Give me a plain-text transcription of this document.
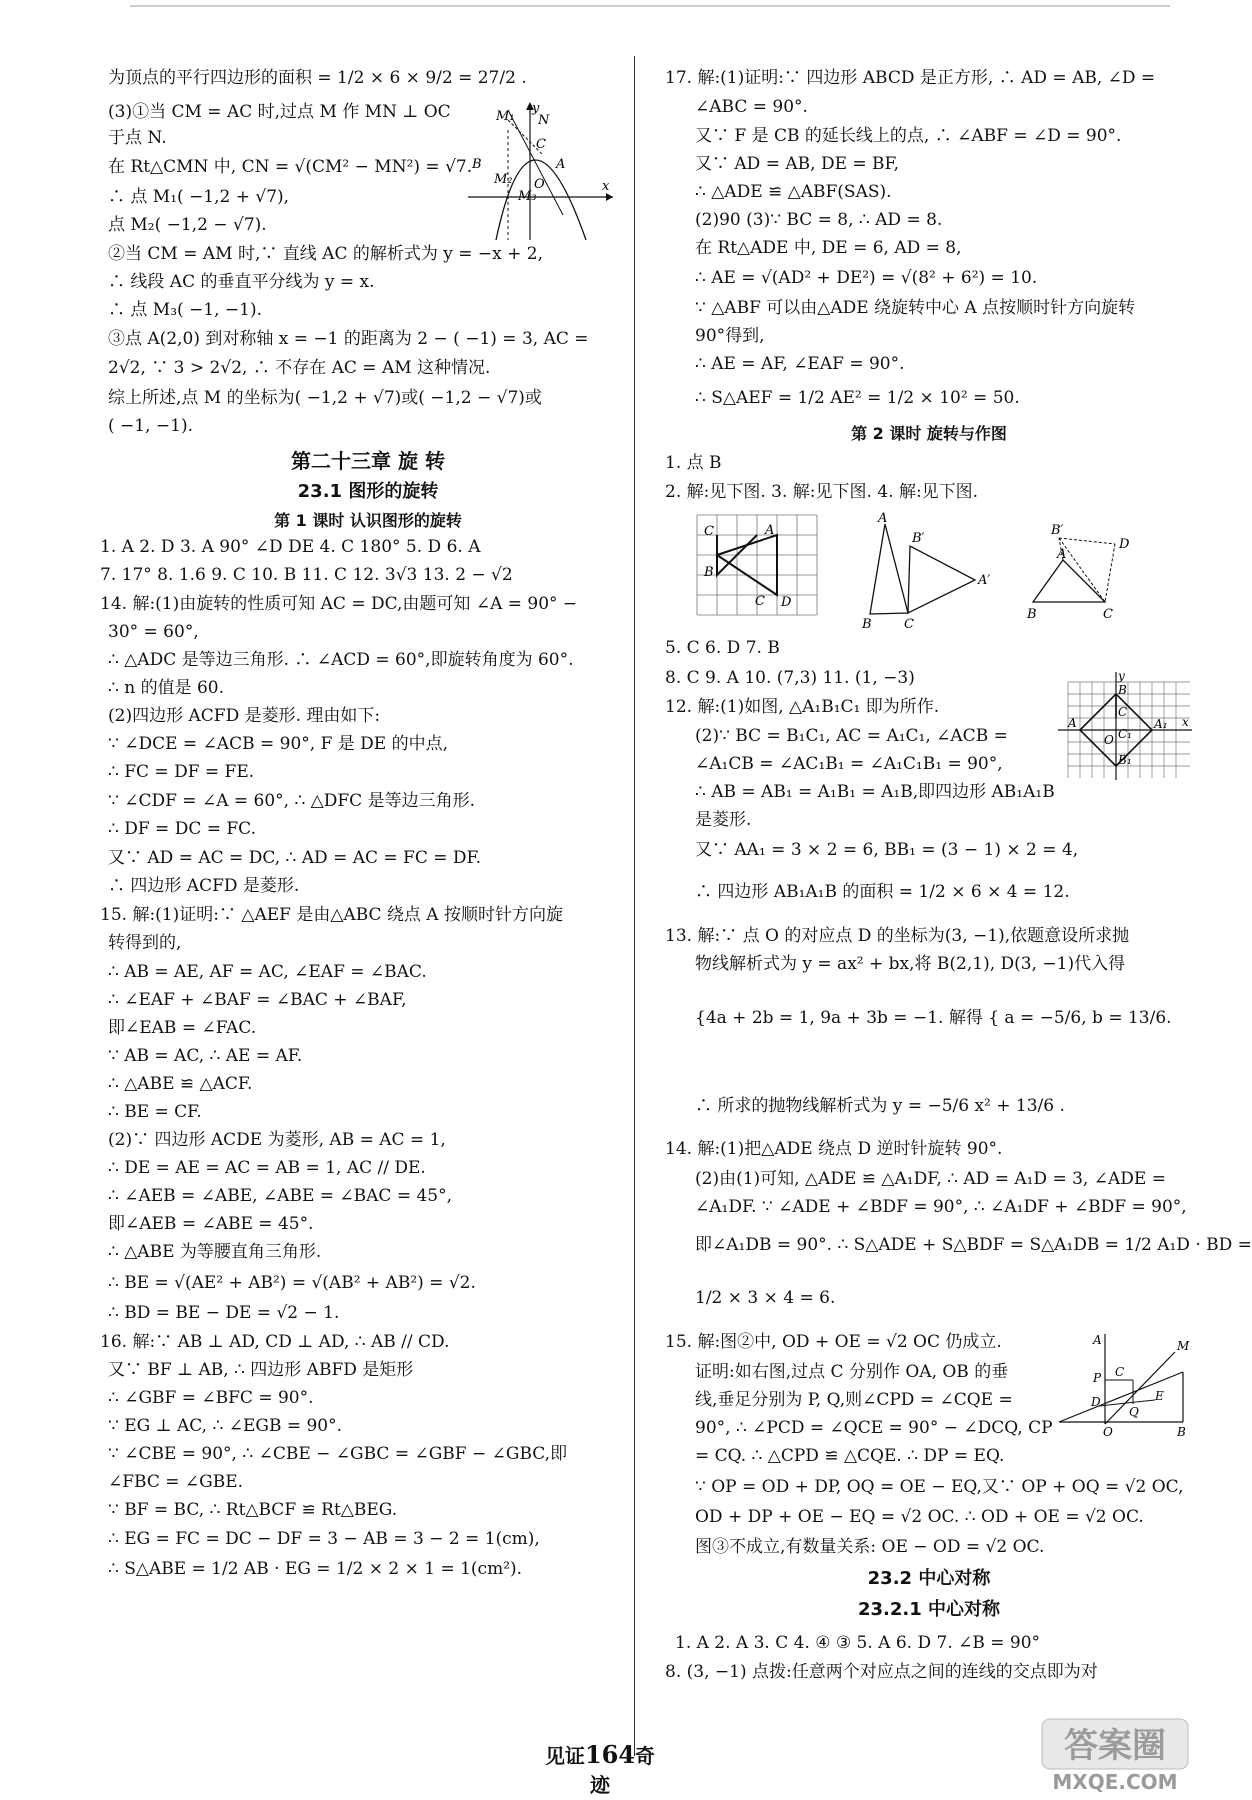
为顶点的平行四边形的面积 = 1/2 × 6 × 9/2 = 27/2 .
(3)①当 CM = AC 时,过点 M 作 MN ⊥ OC
于点 N.
在 Rt△CMN 中, CN = √(CM² − MN²) = √7.
∴ 点 M₁( −1,2 + √7),
点 M₂( −1,2 − √7).
②当 CM = AM 时,∵ 直线 AC 的解析式为 y = −x + 2,
∴ 线段 AC 的垂直平分线为 y = x.
∴ 点 M₃( −1, −1).
③点 A(2,0) 到对称轴 x = −1 的距离为 2 − ( −1) = 3, AC =
2√2, ∵ 3 > 2√2, ∴ 不存在 AC = AM 这种情况.
综上所述,点 M 的坐标为( −1,2 + √7)或( −1,2 − √7)或
( −1, −1).
M₁
y
N
C
A
B
M₂ O
M₃
x
第二十三章 旋 转
23.1 图形的旋转
第 1 课时 认识图形的旋转
1. A 2. D 3. A 90° ∠D DE 4. C 180° 5. D 6. A
7. 17° 8. 1.6 9. C 10. B 11. C 12. 3√3 13. 2 − √2
14. 解:(1)由旋转的性质可知 AC = DC,由题可知 ∠A = 90° −
30° = 60°,
∴ △ADC 是等边三角形. ∴ ∠ACD = 60°,即旋转角度为 60°.
∴ n 的值是 60.
(2)四边形 ACFD 是菱形. 理由如下:
∵ ∠DCE = ∠ACB = 90°, F 是 DE 的中点,
∴ FC = DF = FE.
∵ ∠CDF = ∠A = 60°, ∴ △DFC 是等边三角形.
∴ DF = DC = FC.
又∵ AD = AC = DC, ∴ AD = AC = FC = DF.
∴ 四边形 ACFD 是菱形.
15. 解:(1)证明:∵ △AEF 是由△ABC 绕点 A 按顺时针方向旋
转得到的,
∴ AB = AE, AF = AC, ∠EAF = ∠BAC.
∴ ∠EAF + ∠BAF = ∠BAC + ∠BAF,
即∠EAB = ∠FAC.
∵ AB = AC, ∴ AE = AF.
∴ △ABE ≌ △ACF.
∴ BE = CF.
(2)∵ 四边形 ACDE 为菱形, AB = AC = 1,
∴ DE = AE = AC = AB = 1, AC // DE.
∴ ∠AEB = ∠ABE, ∠ABE = ∠BAC = 45°,
即∠AEB = ∠ABE = 45°.
∴ △ABE 为等腰直角三角形.
∴ BE = √(AE² + AB²) = √(AB² + AB²) = √2.
∴ BD = BE − DE = √2 − 1.
16. 解:∵ AB ⊥ AD, CD ⊥ AD, ∴ AB // CD.
又∵ BF ⊥ AB, ∴ 四边形 ABFD 是矩形
∴ ∠GBF = ∠BFC = 90°.
∵ EG ⊥ AC, ∴ ∠EGB = 90°.
∵ ∠CBE = 90°, ∴ ∠CBE − ∠GBC = ∠GBF − ∠GBC,即
∠FBC = ∠GBE.
∵ BF = BC, ∴ Rt△BCF ≌ Rt△BEG.
∴ EG = FC = DC − DF = 3 − AB = 3 − 2 = 1(cm),
∴ S△ABE = 1/2 AB · EG = 1/2 × 2 × 1 = 1(cm²).
17. 解:(1)证明:∵ 四边形 ABCD 是正方形, ∴ AD = AB, ∠D =
∠ABC = 90°.
又∵ F 是 CB 的延长线上的点, ∴ ∠ABF = ∠D = 90°.
又∵ AD = AB, DE = BF,
∴ △ADE ≌ △ABF(SAS).
(2)90 (3)∵ BC = 8, ∴ AD = 8.
在 Rt△ADE 中, DE = 6, AD = 8,
∴ AE = √(AD² + DE²) = √(8² + 6²) = 10.
∵ △ABF 可以由△ADE 绕旋转中心 A 点按顺时针方向旋转
90°得到,
∴ AE = AF, ∠EAF = 90°.
∴ S△AEF = 1/2 AE² = 1/2 × 10² = 50.
第 2 课时 旋转与作图
1. 点 B
2. 解:见下图. 3. 解:见下图. 4. 解:见下图.
C	A
B
C D
A
B′
A′
B C
B′
D
A
B	C
5. C 6. D 7. B
8. C 9. A 10. (7,3) 11. (1, −3)
12. 解:(1)如图, △A₁B₁C₁ 即为所作.
(2)∵ BC = B₁C₁, AC = A₁C₁, ∠ACB =
∠A₁CB = ∠AC₁B₁ = ∠A₁C₁B₁ = 90°,
∴ AB = AB₁ = A₁B₁ = A₁B,即四边形 AB₁A₁B
是菱形.
又∵ AA₁ = 3 × 2 = 6, BB₁ = (3 − 1) × 2 = 4,
∴ 四边形 AB₁A₁B 的面积 = 1/2 × 6 × 4 = 12.
y
B
C
A
C₁
A₁
O
B₁
x
13. 解:∵ 点 O 的对应点 D 的坐标为(3, −1),依题意设所求抛
物线解析式为 y = ax² + bx,将 B(2,1), D(3, −1)代入得
{4a + 2b = 1, 9a + 3b = −1. 解得 { a = −5/6, b = 13/6.
∴ 所求的抛物线解析式为 y = −5/6 x² + 13/6 .
14. 解:(1)把△ADE 绕点 D 逆时针旋转 90°.
(2)由(1)可知, △ADE ≌ △A₁DF, ∴ AD = A₁D = 3, ∠ADE =
∠A₁DF. ∵ ∠ADE + ∠BDF = 90°, ∴ ∠A₁DF + ∠BDF = 90°,
即∠A₁DB = 90°. ∴ S△ADE + S△BDF = S△A₁DB = 1/2 A₁D · BD =
1/2 × 3 × 4 = 6.
15. 解:图②中, OD + OE = √2 OC 仍成立.
证明:如右图,过点 C 分别作 OA, OB 的垂
线,垂足分别为 P, Q,则∠CPD = ∠CQE =
90°, ∴ ∠PCD = ∠QCE = 90° − ∠DCQ, CP
= CQ. ∴ △CPD ≌ △CQE. ∴ DP = EQ.
∵ OP = OD + DP, OQ = OE − EQ,又∵ OP + OQ = √2 OC,
OD + DP + OE − EQ = √2 OC. ∴ OD + OE = √2 OC.
图③不成立,有数量关系: OE − OD = √2 OC.
A	M
P C
D
O
Q
E
B
23.2 中心对称
23.2.1 中心对称
1. A 2. A 3. C 4. ④ ③ 5. A 6. D 7. ∠B = 90°
8. (3, −1) 点拨:任意两个对应点之间的连线的交点即为对
见证164奇迹
答案圈
MXQE.COM
